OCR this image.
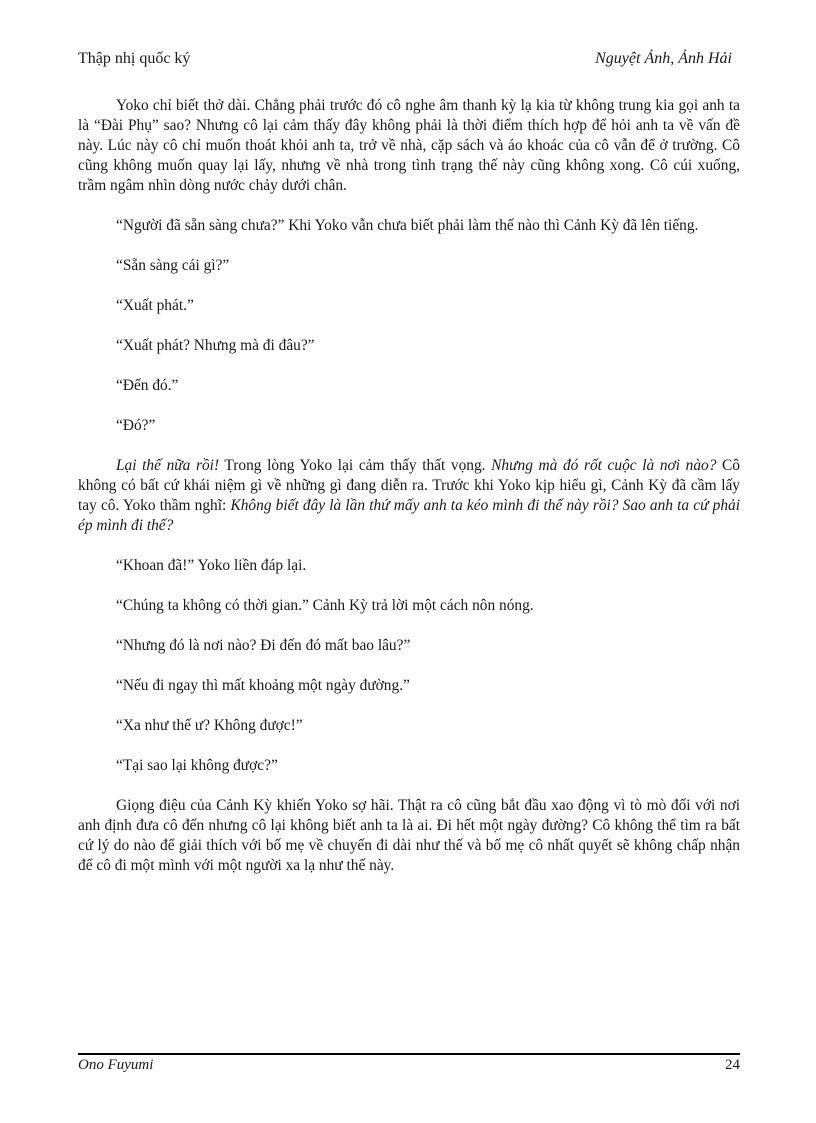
Thập nhị quốc ký	Nguyệt Ảnh, Ảnh Hải

Yoko chỉ biết thở dài. Chẳng phải trước đó cô nghe âm thanh kỳ lạ kia từ không trung kia gọi anh ta là “Đài Phụ” sao? Nhưng cô lại cảm thấy đây không phải là thời điểm thích hợp để hỏi anh ta về vấn đề này. Lúc này cô chỉ muốn thoát khỏi anh ta, trở về nhà, cặp sách và áo khoác của cô vẫn để ở trường. Cô cũng không muốn quay lại lấy, nhưng về nhà trong tình trạng thế này cũng không xong. Cô cúi xuống, trầm ngâm nhìn dòng nước chảy dưới chân.

“Người đã sẵn sàng chưa?” Khi Yoko vẫn chưa biết phải làm thế nào thì Cảnh Kỳ đã lên tiếng.

“Sẵn sàng cái gì?”

“Xuất phát.”

“Xuất phát? Nhưng mà đi đâu?”

“Đến đó.”

“Đó?”

Lại thế nữa rồi! Trong lòng Yoko lại cảm thấy thất vọng. Nhưng mà đó rốt cuộc là nơi nào? Cô không có bất cứ khái niệm gì về những gì đang diễn ra. Trước khi Yoko kịp hiểu gì, Cảnh Kỳ đã cầm lấy tay cô. Yoko thầm nghĩ: Không biết đây là lần thứ mấy anh ta kéo mình đi thế này rồi? Sao anh ta cứ phải ép mình đi thế?

“Khoan đã!” Yoko liền đáp lại.

“Chúng ta không có thời gian.” Cảnh Kỳ trả lời một cách nôn nóng.

“Nhưng đó là nơi nào? Đi đến đó mất bao lâu?”

“Nếu đi ngay thì mất khoảng một ngày đường.”

“Xa như thế ư? Không được!”

“Tại sao lại không được?”

Giọng điệu của Cảnh Kỳ khiến Yoko sợ hãi. Thật ra cô cũng bắt đầu xao động vì tò mò đối với nơi anh định đưa cô đến nhưng cô lại không biết anh ta là ai. Đi hết một ngày đường? Cô không thể tìm ra bất cứ lý do nào để giải thích với bố mẹ về chuyến đi dài như thế và bố mẹ cô nhất quyết sẽ không chấp nhận để cô đi một mình với một người xa lạ như thế này.

Ono Fuyumi	24
